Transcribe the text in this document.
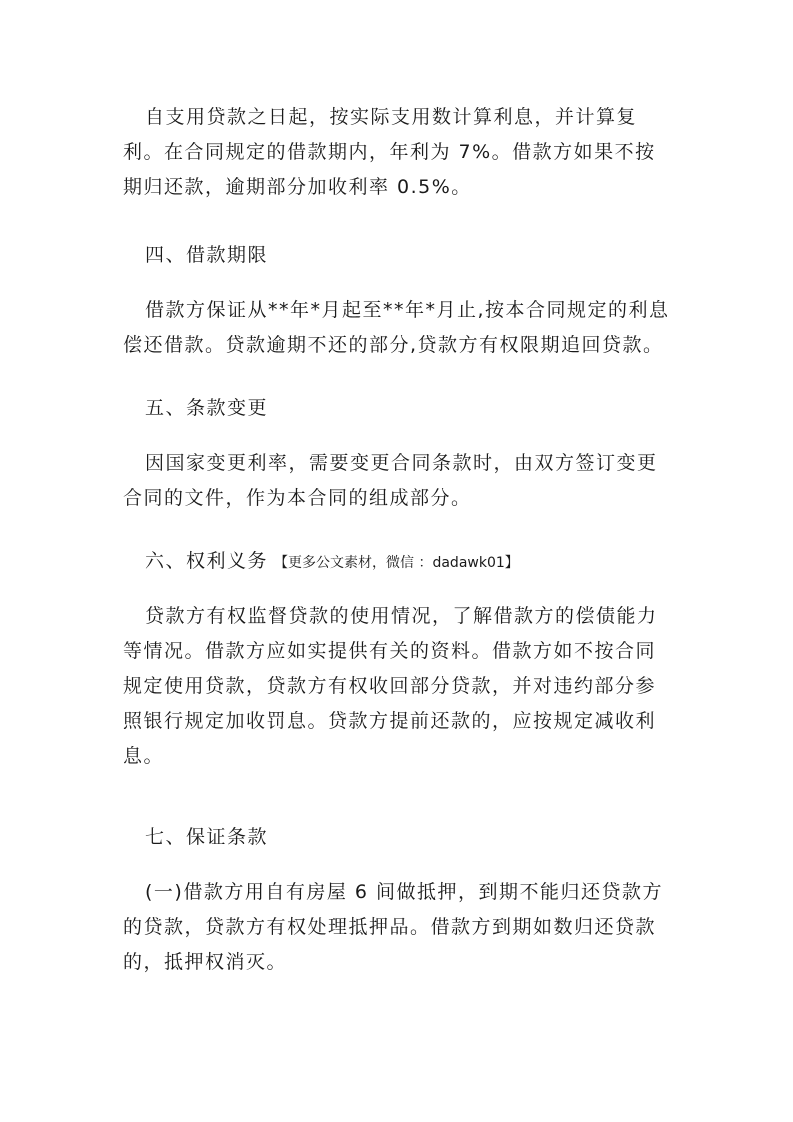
自支用贷款之日起，按实际支用数计算利息，并计算复利。在合同规定的借款期内，年利为 7%。借款方如果不按期归还款，逾期部分加收利率 0.5%。
四、借款期限
借款方保证从**年*月起至**年*月止,按本合同规定的利息偿还借款。贷款逾期不还的部分,贷款方有权限期追回贷款。
五、条款变更
因国家变更利率，需要变更合同条款时，由双方签订变更合同的文件，作为本合同的组成部分。
六、权利义务 【更多公文素材，微信 ：dadawk01】
贷款方有权监督贷款的使用情况，了解借款方的偿债能力等情况。借款方应如实提供有关的资料。借款方如不按合同规定使用贷款，贷款方有权收回部分贷款，并对违约部分参照银行规定加收罚息。贷款方提前还款的，应按规定减收利息。
七、保证条款
(一)借款方用自有房屋 6 间做抵押，到期不能归还贷款方的贷款，贷款方有权处理抵押品。借款方到期如数归还贷款的，抵押权消灭。
